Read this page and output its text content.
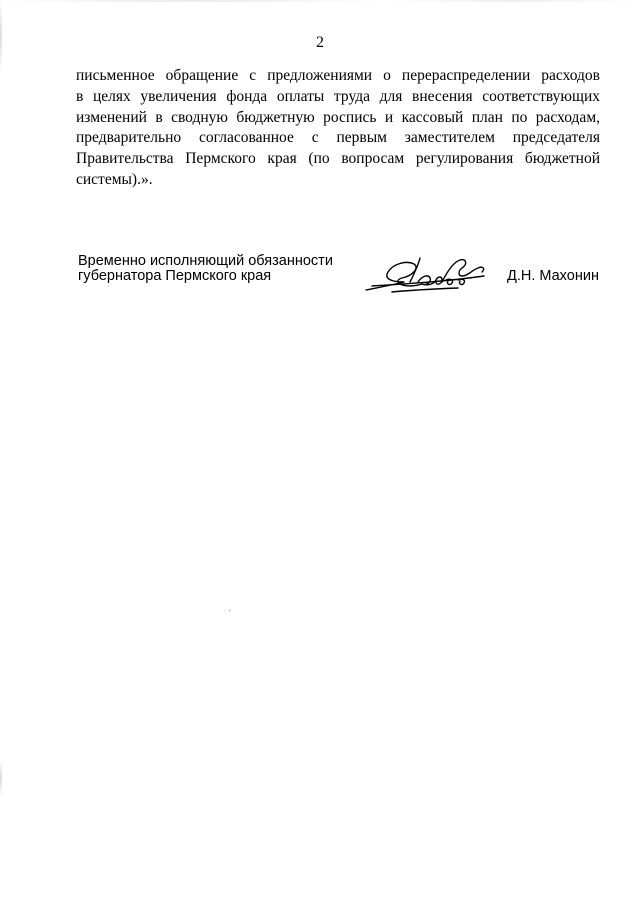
2
письменное обращение с предложениями о перераспределении расходов
в целях увеличения фонда оплаты труда для внесения соответствующих
изменений в сводную бюджетную роспись и кассовый план по расходам,
предварительно согласованное с первым заместителем председателя
Правительства Пермского края (по вопросам регулирования бюджетной
системы).».
Временно исполняющий обязанности
губернатора Пермского края	Д.Н. Махонин
